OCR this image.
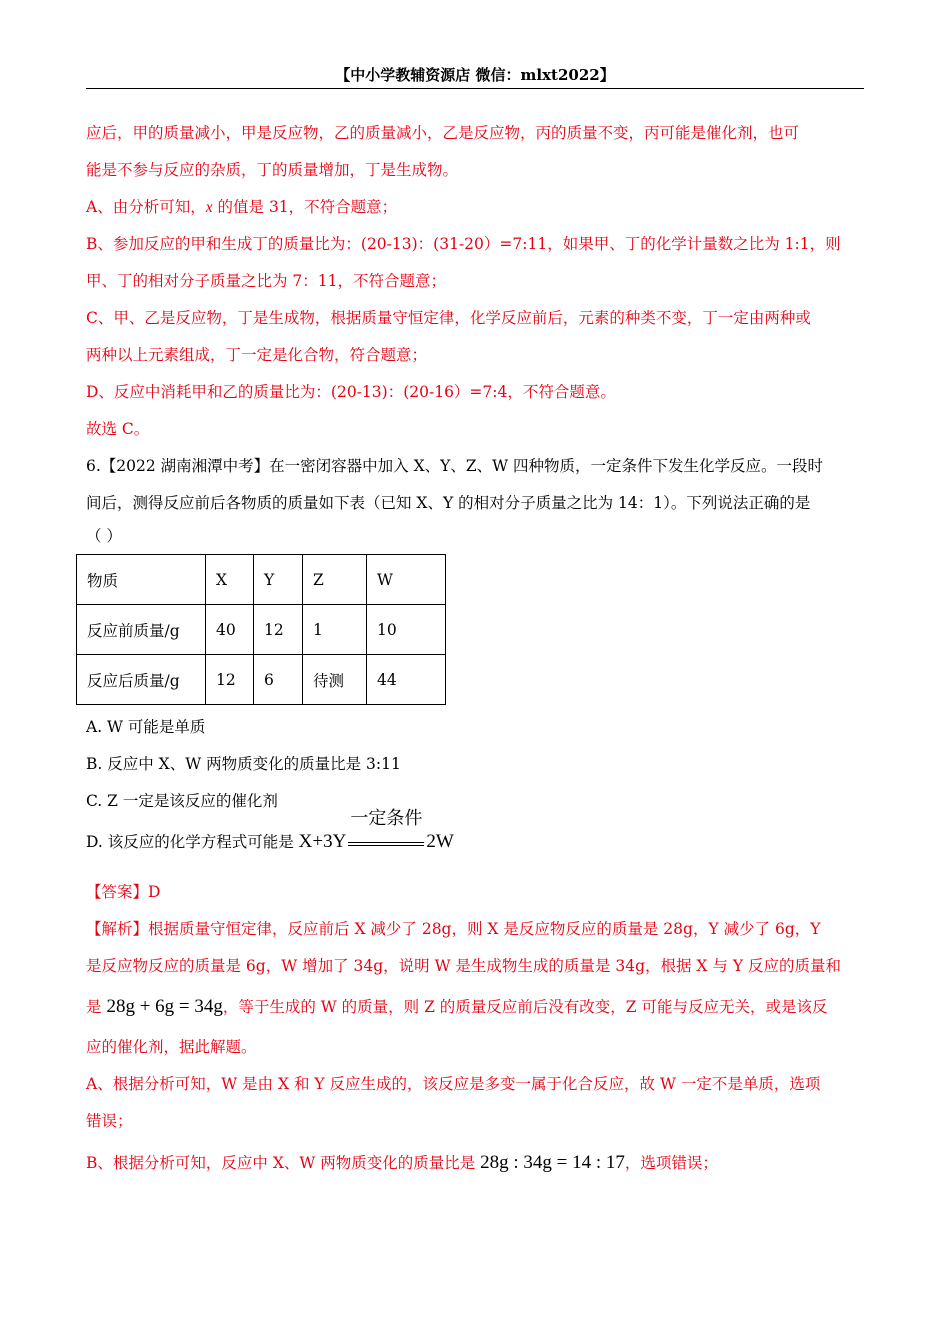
【中小学教辅资源店 微信：mlxt2022】

应后，甲的质量减小，甲是反应物，乙的质量减小，乙是反应物，丙的质量不变，丙可能是催化剂，也可

能是不参与反应的杂质，丁的质量增加，丁是生成物。

A、由分析可知，x 的值是 31，不符合题意；

B、参加反应的甲和生成丁的质量比为：(20-13)：(31-20）=7:11，如果甲、丁的化学计量数之比为 1:1，则

甲、丁的相对分子质量之比为 7：11，不符合题意；

C、甲、乙是反应物，丁是生成物，根据质量守恒定律，化学反应前后，元素的种类不变，丁一定由两种或

两种以上元素组成，丁一定是化合物，符合题意；

D、反应中消耗甲和乙的质量比为：(20-13)：(20-16）=7:4，不符合题意。

故选 C。

6.【2022 湖南湘潭中考】在一密闭容器中加入 X、Y、Z、W 四种物质，一定条件下发生化学反应。一段时

间后，测得反应前后各物质的质量如下表（已知 X、Y 的相对分子质量之比为 14：1）。下列说法正确的是

（ ）

物质	X	Y	Z	W
反应前质量/g	40	12	1	10
反应后质量/g	12	6	待测	44

A. W 可能是单质

B. 反应中 X、W 两物质变化的质量比是 3:11

C. Z 一定是该反应的催化剂

D. 该反应的化学方程式可能是 X+3Y
一定条件
2W

【答案】D

【解析】根据质量守恒定律，反应前后 X 减少了 28g，则 X 是反应物反应的质量是 28g，Y 减少了 6g，Y

是反应物反应的质量是 6g，W 增加了 34g，说明 W 是生成物生成的质量是 34g，根据 X 与 Y 反应的质量和

是 28g + 6g = 34g，等于生成的 W 的质量，则 Z 的质量反应前后没有改变，Z 可能与反应无关，或是该反

应的催化剂，据此解题。

A、根据分析可知，W 是由 X 和 Y 反应生成的，该反应是多变一属于化合反应，故 W 一定不是单质，选项

错误；

B、根据分析可知，反应中 X、W 两物质变化的质量比是 28g : 34g = 14 : 17，选项错误；
